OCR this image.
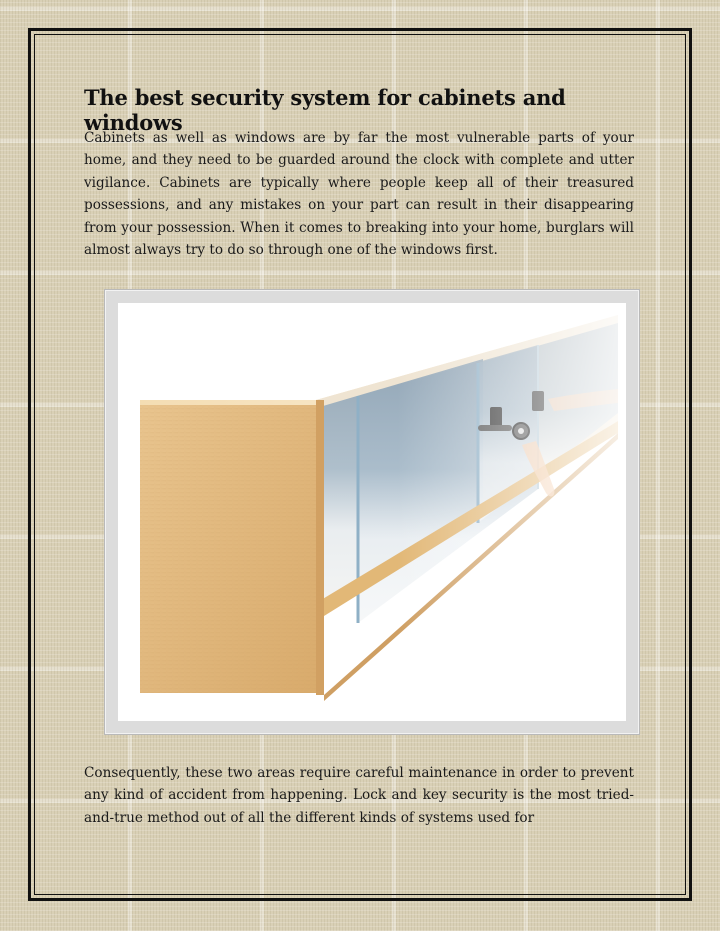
The best security system for cabinets and windows

Cabinets as well as windows are by far the most vulnerable parts of your home, and they need to be guarded around the clock with complete and utter vigilance. Cabinets are typically where people keep all of their treasured possessions, and any mistakes on your part can result in their disappearing from your possession. When it comes to breaking into your home, burglars will almost always try to do so through one of the windows first.

Consequently, these two areas require careful maintenance in order to prevent any kind of accident from happening. Lock and key security is the most tried-and-true method out of all the different kinds of systems used for
